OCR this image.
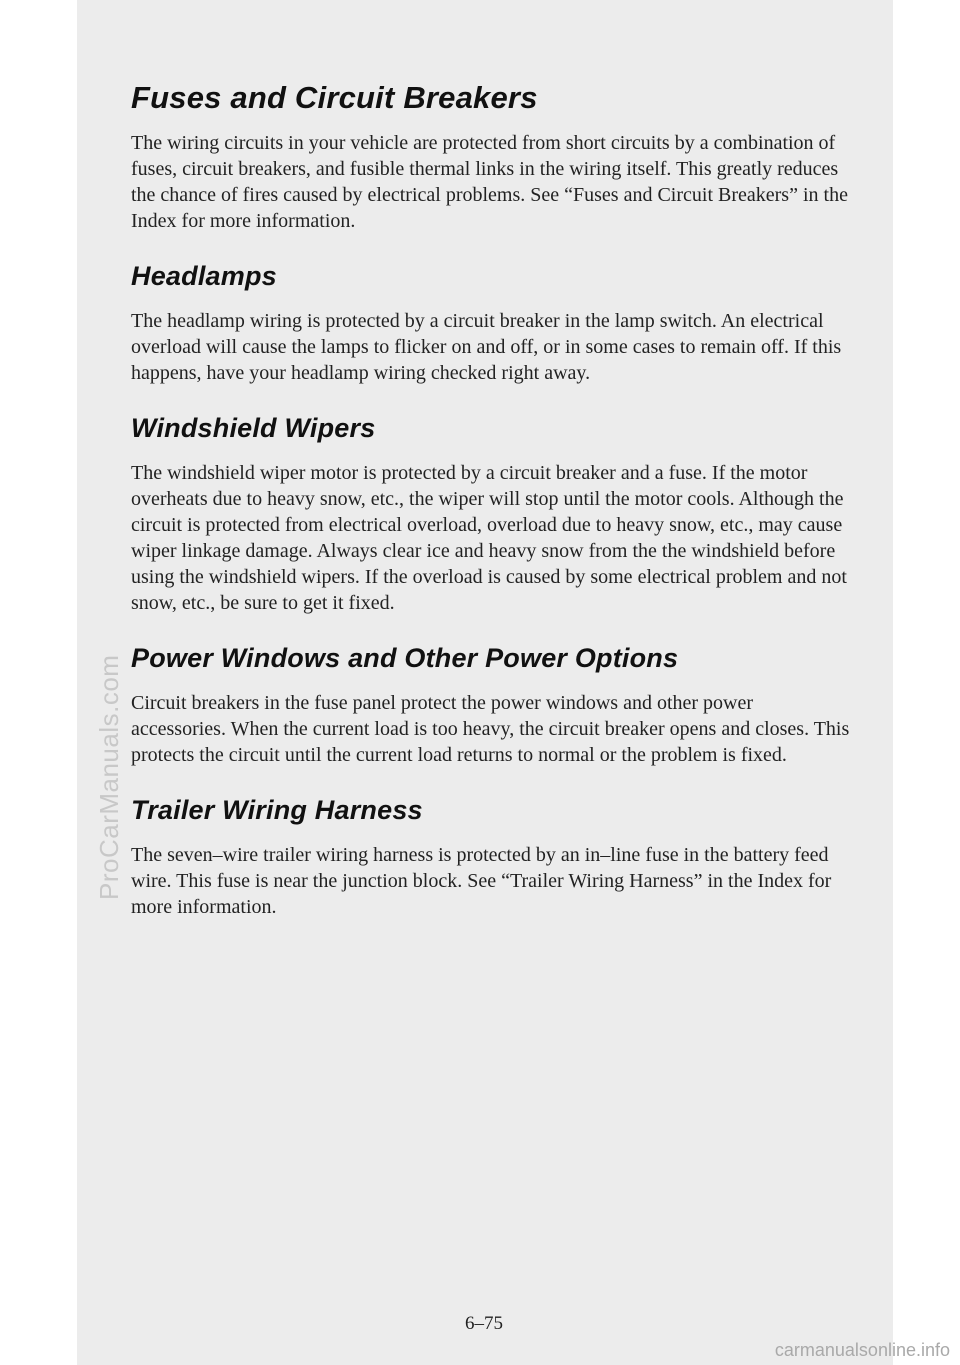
Fuses and Circuit Breakers

The wiring circuits in your vehicle are protected from short circuits by a combination of fuses, circuit breakers, and fusible thermal links in the wiring itself. This greatly reduces the chance of fires caused by electrical problems. See “Fuses and Circuit Breakers” in the Index for more information.

Headlamps

The headlamp wiring is protected by a circuit breaker in the lamp switch. An electrical overload will cause the lamps to flicker on and off, or in some cases to remain off. If this happens, have your headlamp wiring checked right away.

Windshield Wipers

The windshield wiper motor is protected by a circuit breaker and a fuse. If the motor overheats due to heavy snow, etc., the wiper will stop until the motor cools. Although the circuit is protected from electrical overload, overload due to heavy snow, etc., may cause wiper linkage damage. Always clear ice and heavy snow from the the windshield before using the windshield wipers. If the overload is caused by some electrical problem and not snow, etc., be sure to get it fixed.

Power Windows and Other Power Options

Circuit breakers in the fuse panel protect the power windows and other power accessories. When the current load is too heavy, the circuit breaker opens and closes. This protects the circuit until the current load returns to normal or the problem is fixed.

Trailer Wiring Harness

The seven–wire trailer wiring harness is protected by an in–line fuse in the battery feed wire. This fuse is near the junction block. See “Trailer Wiring Harness” in the Index for more information.

6–75
ProCarManuals.com
carmanualsonline.info
